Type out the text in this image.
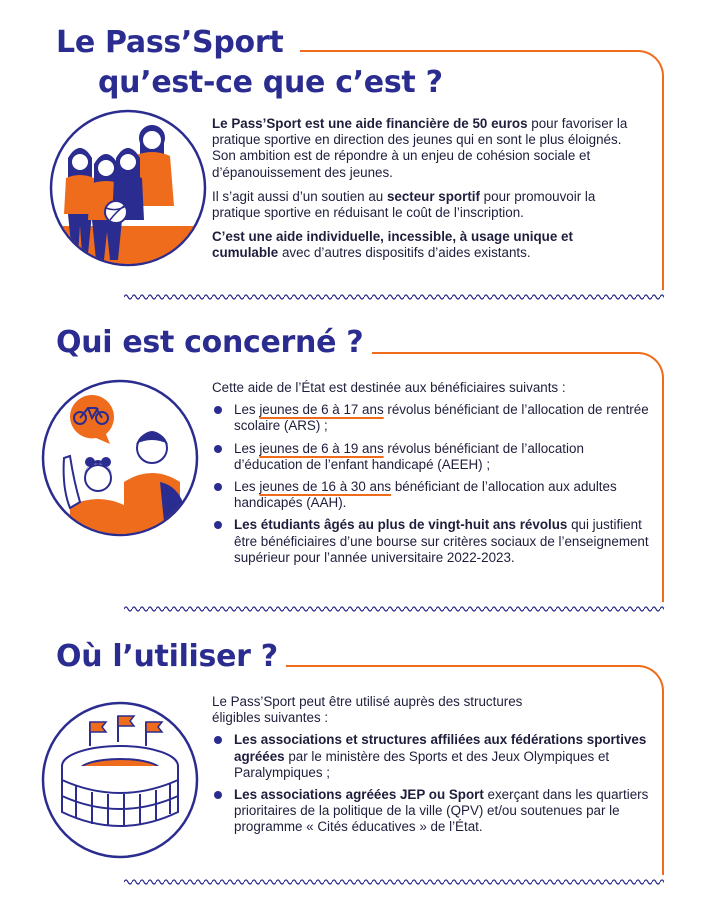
Le Pass’Sport
qu’est-ce que c’est ?

Le Pass’Sport est une aide financière de 50 euros pour favoriser la pratique sportive en direction des jeunes qui en sont le plus éloignés. Son ambition est de répondre à un enjeu de cohésion sociale et d’épanouissement des jeunes.

Il s’agit aussi d’un soutien au secteur sportif pour promouvoir la pratique sportive en réduisant le coût de l’inscription.

C’est une aide individuelle, incessible, à usage unique et cumulable avec d’autres dispositifs d’aides existants.

Qui est concerné ?

Cette aide de l’État est destinée aux bénéficiaires suivants :

Les jeunes de 6 à 17 ans révolus bénéficiant de l’allocation de rentrée scolaire (ARS) ;
Les jeunes de 6 à 19 ans révolus bénéficiant de l’allocation d’éducation de l’enfant handicapé (AEEH) ;
Les jeunes de 16 à 30 ans bénéficiant de l’allocation aux adultes handicapés (AAH).
Les étudiants âgés au plus de vingt-huit ans révolus qui justifient être bénéficiaires d’une bourse sur critères sociaux de l’enseignement supérieur pour l’année universitaire 2022-2023.
Où l’utiliser ?

Le Pass’Sport peut être utilisé auprès des structures éligibles suivantes :

Les associations et structures affiliées aux fédérations sportives agréées par le ministère des Sports et des Jeux Olympiques et Paralympiques ;
Les associations agréées JEP ou Sport exerçant dans les quartiers prioritaires de la politique de la ville (QPV) et/ou soutenues par le programme « Cités éducatives » de l’État.
